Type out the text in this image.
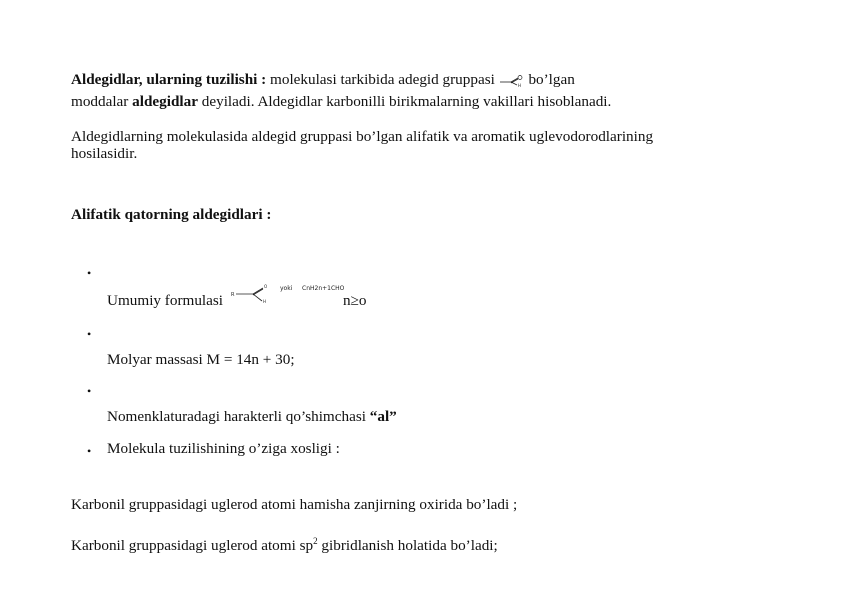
Aldegidlar, ularning tuzilishi : molekulasi tarkibida adegid gruppasi	H bo’lgan
moddalar aldegidlar deyiladi. Aldegidlar karbonilli birikmalarning vakillari hisoblanadi.
Aldegidlarning molekulasida aldegid gruppasi bo’lgan alifatik va aromatik uglevodorodlarining
hosilasidir.
Alifatik qatorning aldegidlari :
•
Umumiy formulasi R
O
H
yoki CnH2n+1CHO
n≥o
•
Molyar massasi M = 14n + 30;
•
Nomenklaturadagi harakterli qo’shimchasi “al”
• Molekula tuzilishining o’ziga xosligi :
Karbonil gruppasidagi uglerod atomi hamisha zanjirning oxirida bo’ladi ;
Karbonil gruppasidagi uglerod atomi $sp^2$ gibridlanish holatida bo’ladi;
